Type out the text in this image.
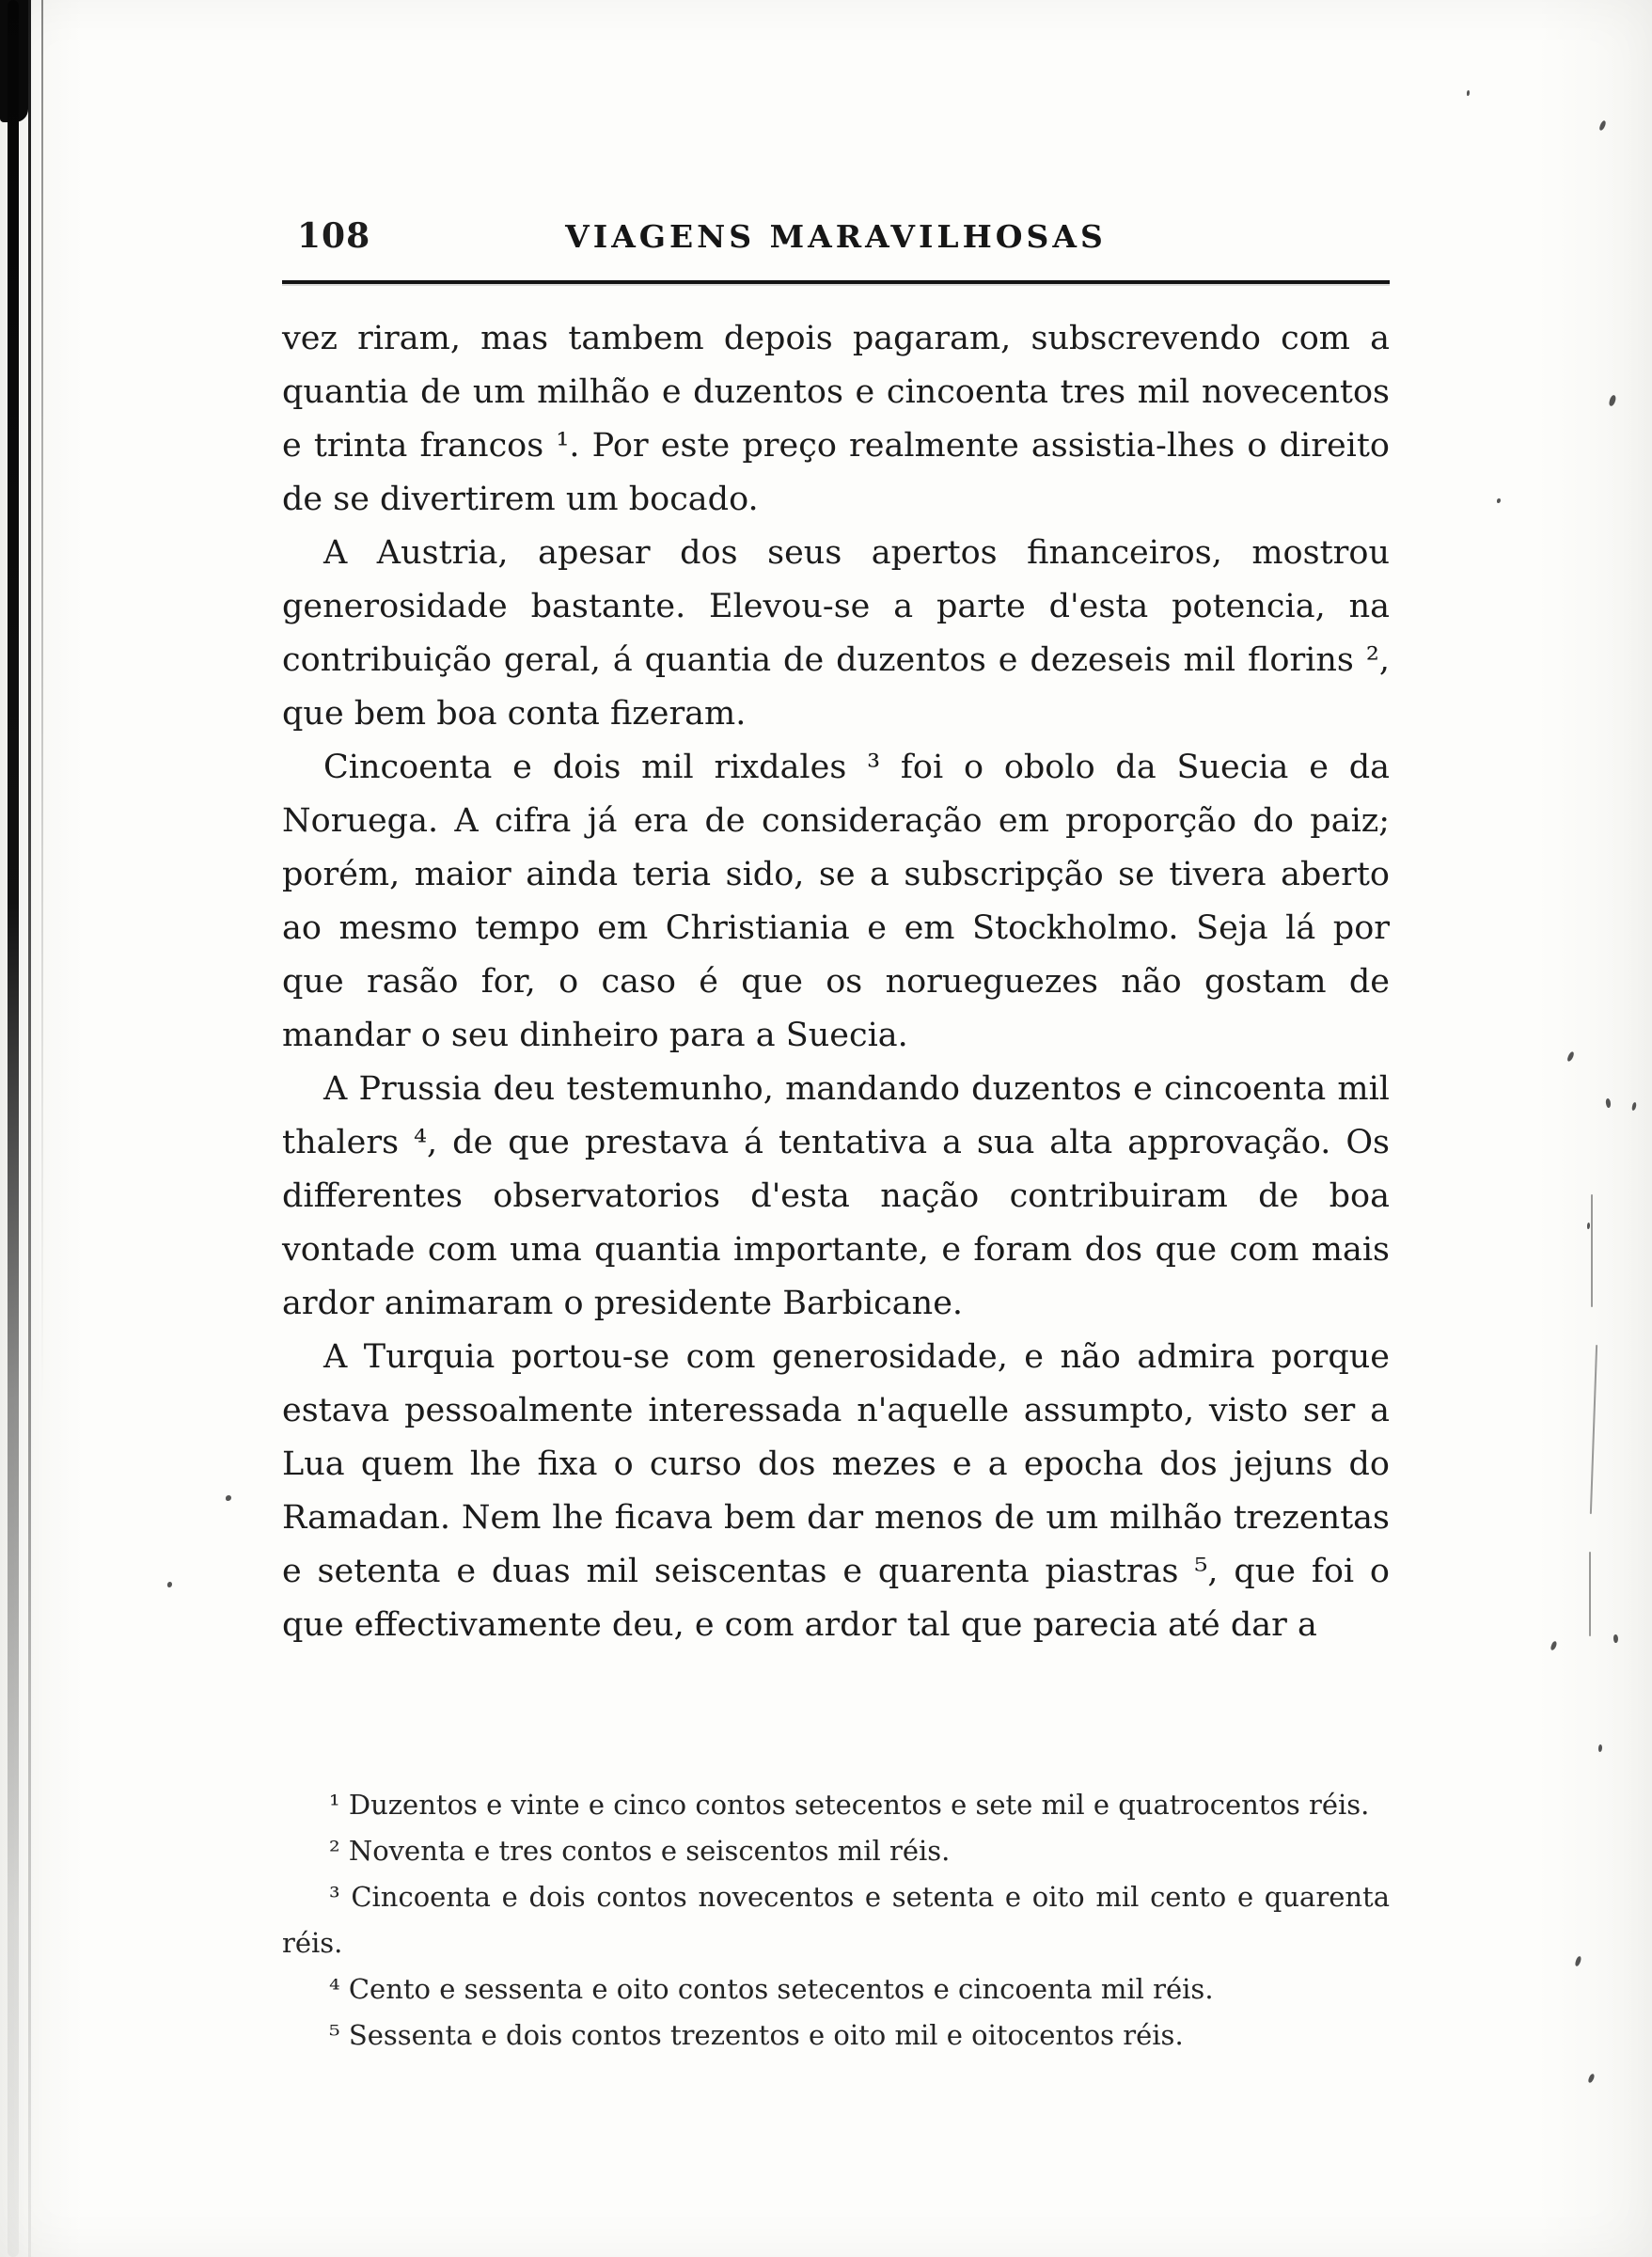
108	VIAGENS MARAVILHOSAS

vez riram, mas tambem depois pagaram, subscrevendo com a quantia de um milhão e duzentos e cincoenta tres mil novecentos e trinta francos ¹. Por este preço realmente assistia-lhes o direito de se divertirem um bocado.

A Austria, apesar dos seus apertos financeiros, mostrou generosidade bastante. Elevou-se a parte d'esta potencia, na contribuição geral, á quantia de duzentos e dezeseis mil florins ², que bem boa conta fizeram.

Cincoenta e dois mil rixdales ³ foi o obolo da Suecia e da Noruega. A cifra já era de consideração em proporção do paiz; porém, maior ainda teria sido, se a subscripção se tivera aberto ao mesmo tempo em Christiania e em Stockholmo. Seja lá por que rasão for, o caso é que os norueguezes não gostam de mandar o seu dinheiro para a Suecia.

A Prussia deu testemunho, mandando duzentos e cincoenta mil thalers ⁴, de que prestava á tentativa a sua alta approvação. Os differentes observatorios d'esta nação contribuiram de boa vontade com uma quantia importante, e foram dos que com mais ardor animaram o presidente Barbicane.

A Turquia portou-se com generosidade, e não admira porque estava pessoalmente interessada n'aquelle assumpto, visto ser a Lua quem lhe fixa o curso dos mezes e a epocha dos jejuns do Ramadan. Nem lhe ficava bem dar menos de um milhão trezentas e setenta e duas mil seiscentas e quarenta piastras ⁵, que foi o que effectivamente deu, e com ardor tal que parecia até dar a

¹ Duzentos e vinte e cinco contos setecentos e sete mil e quatrocentos réis.

² Noventa e tres contos e seiscentos mil réis.

³ Cincoenta e dois contos novecentos e setenta e oito mil cento e quarenta réis.

⁴ Cento e sessenta e oito contos setecentos e cincoenta mil réis.

⁵ Sessenta e dois contos trezentos e oito mil e oitocentos réis.
